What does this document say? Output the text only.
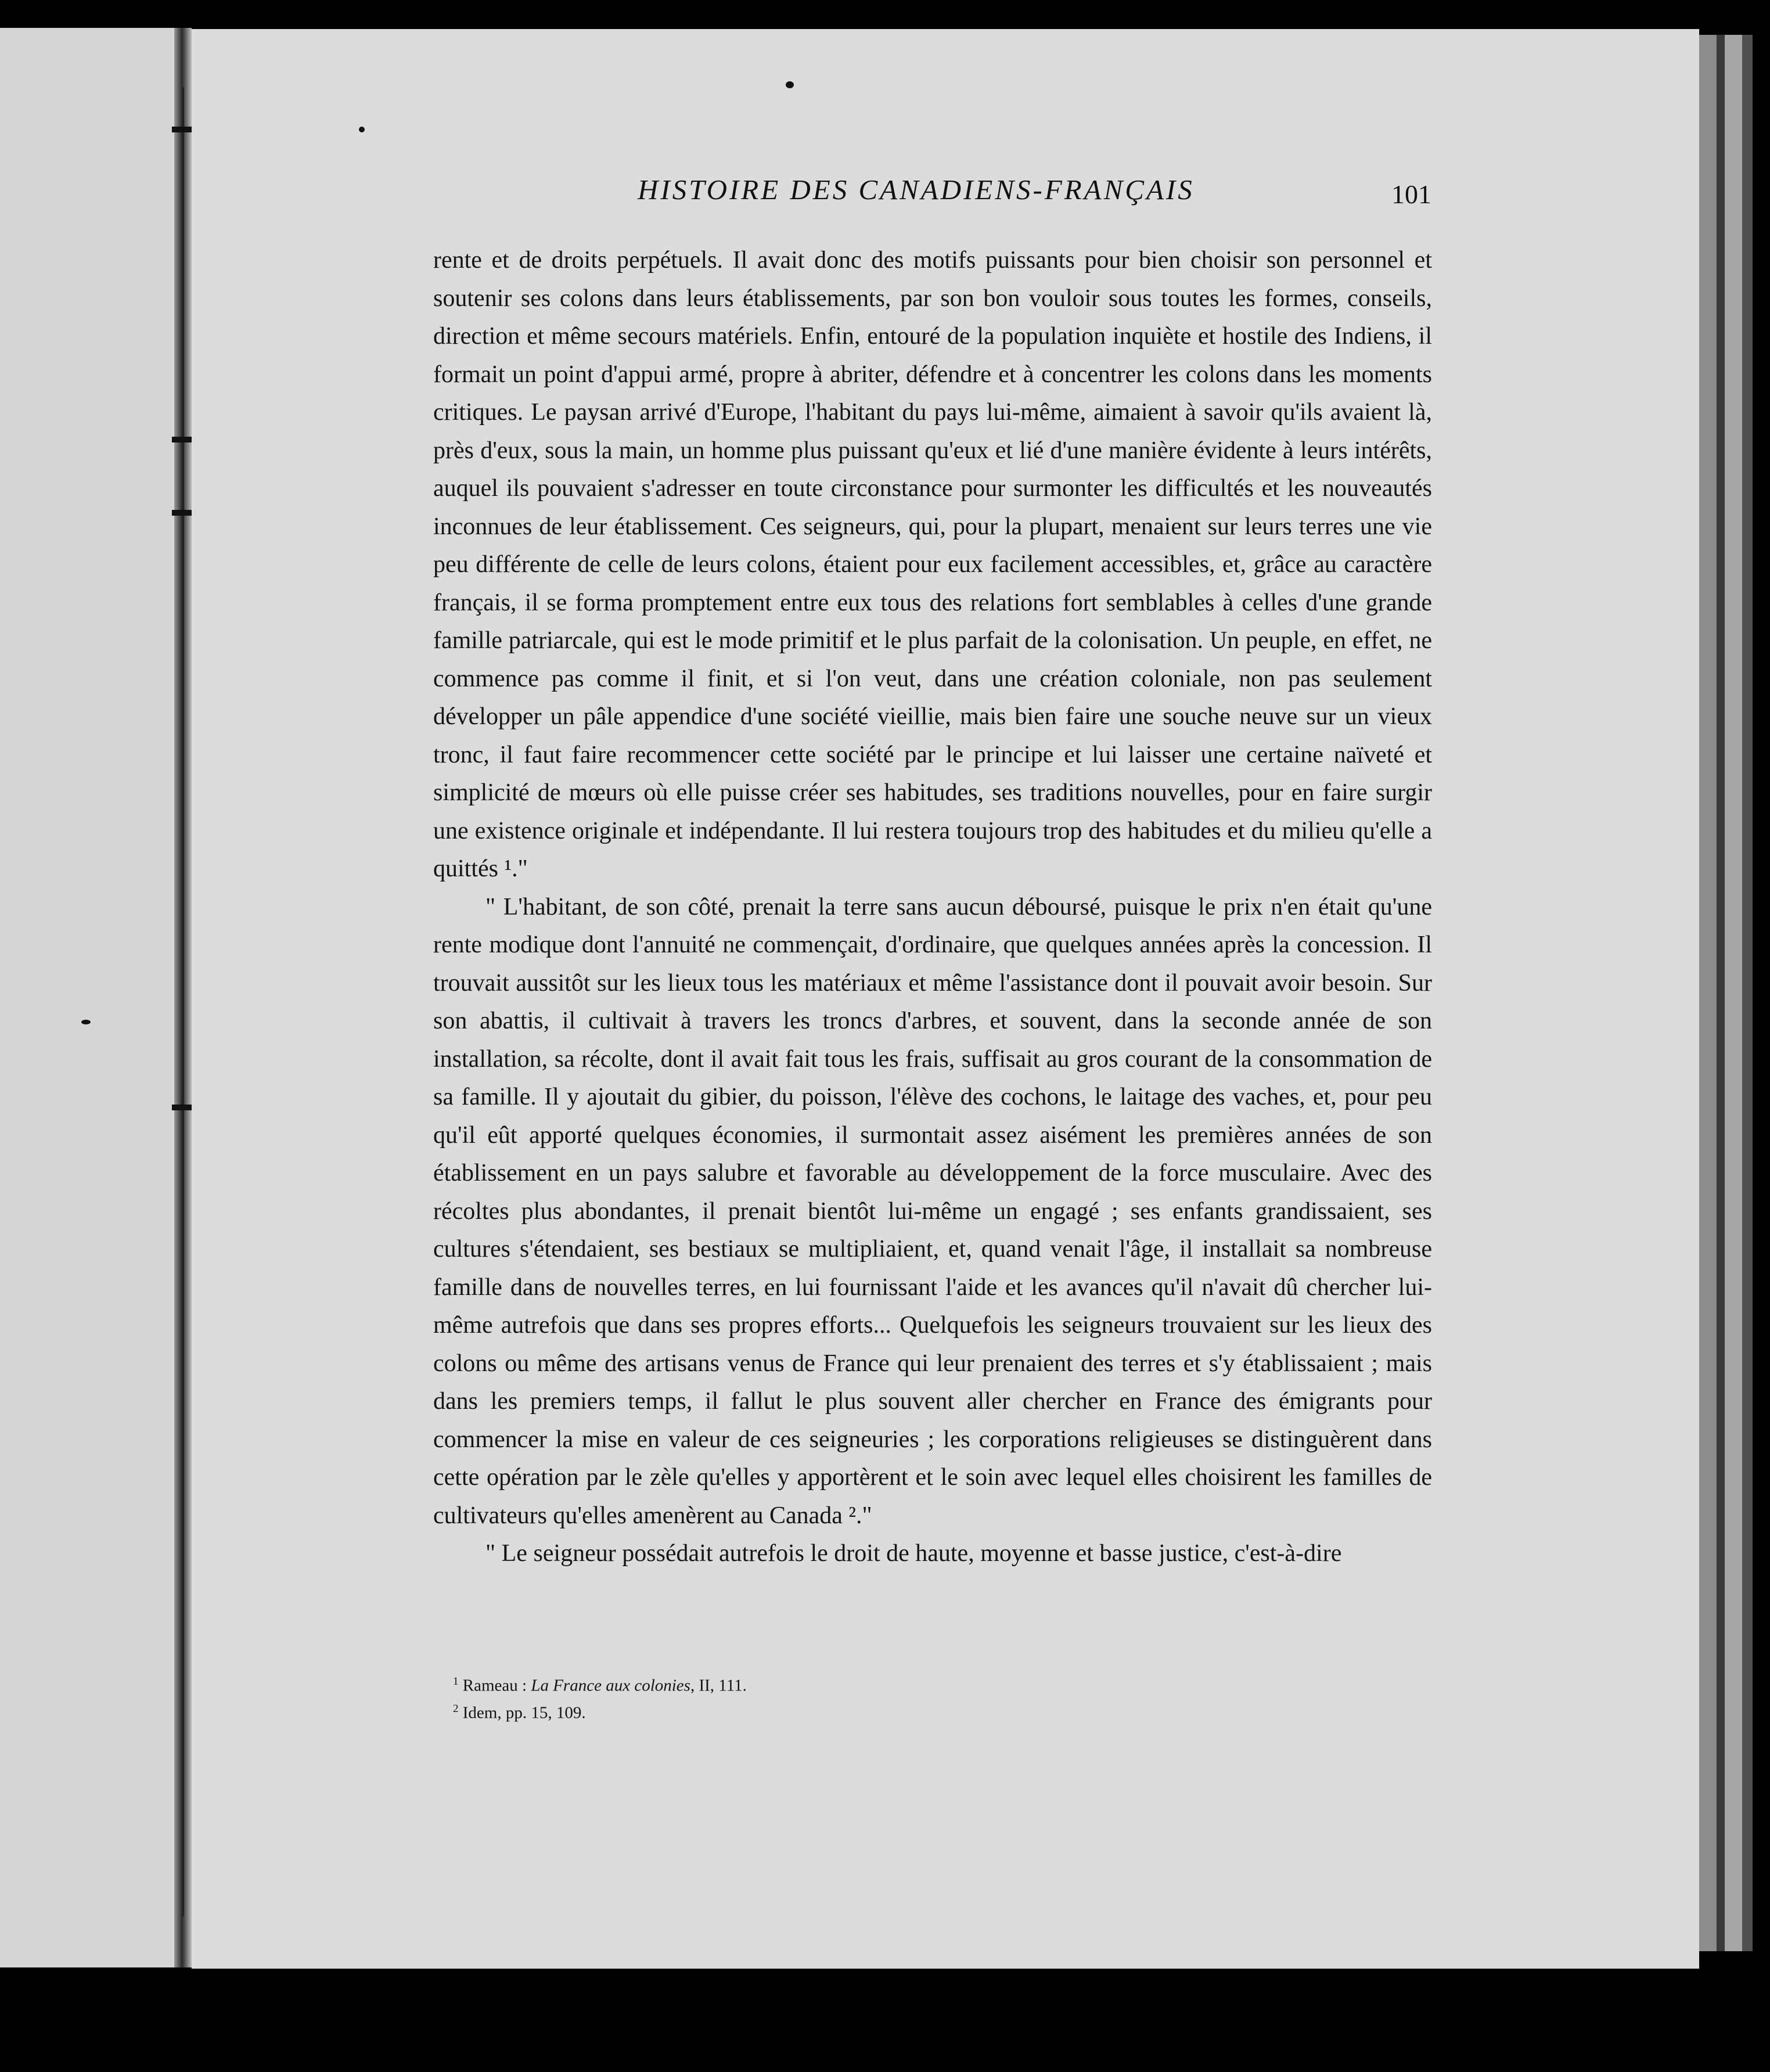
HISTOIRE DES CANADIENS-FRANÇAIS	101

rente et de droits perpétuels. Il avait donc des motifs puissants pour bien choisir son personnel et soutenir ses colons dans leurs établissements, par son bon vouloir sous toutes les formes, conseils, direction et même secours matériels. Enfin, entouré de la population inquiète et hostile des Indiens, il formait un point d'appui armé, propre à abriter, défendre et à concentrer les colons dans les moments critiques. Le paysan arrivé d'Europe, l'habitant du pays lui-même, aimaient à savoir qu'ils avaient là, près d'eux, sous la main, un homme plus puissant qu'eux et lié d'une manière évidente à leurs intérêts, auquel ils pouvaient s'adresser en toute circonstance pour surmonter les difficultés et les nouveautés inconnues de leur établissement. Ces seigneurs, qui, pour la plupart, menaient sur leurs terres une vie peu différente de celle de leurs colons, étaient pour eux facilement accessibles, et, grâce au caractère français, il se forma promptement entre eux tous des relations fort semblables à celles d'une grande famille patriarcale, qui est le mode primitif et le plus parfait de la colonisation. Un peuple, en effet, ne commence pas comme il finit, et si l'on veut, dans une création coloniale, non pas seulement développer un pâle appendice d'une société vieillie, mais bien faire une souche neuve sur un vieux tronc, il faut faire recommencer cette société par le principe et lui laisser une certaine naïveté et simplicité de mœurs où elle puisse créer ses habitudes, ses traditions nouvelles, pour en faire surgir une existence originale et indépendante. Il lui restera toujours trop des habitudes et du milieu qu'elle a quittés ¹."

" L'habitant, de son côté, prenait la terre sans aucun déboursé, puisque le prix n'en était qu'une rente modique dont l'annuité ne commençait, d'ordinaire, que quelques années après la concession. Il trouvait aussitôt sur les lieux tous les matériaux et même l'assistance dont il pouvait avoir besoin. Sur son abattis, il cultivait à travers les troncs d'arbres, et souvent, dans la seconde année de son installation, sa récolte, dont il avait fait tous les frais, suffisait au gros courant de la consommation de sa famille. Il y ajoutait du gibier, du poisson, l'élève des cochons, le laitage des vaches, et, pour peu qu'il eût apporté quelques économies, il surmontait assez aisément les premières années de son établissement en un pays salubre et favorable au développement de la force musculaire. Avec des récoltes plus abondantes, il prenait bientôt lui-même un engagé ; ses enfants grandissaient, ses cultures s'étendaient, ses bestiaux se multipliaient, et, quand venait l'âge, il installait sa nombreuse famille dans de nouvelles terres, en lui fournissant l'aide et les avances qu'il n'avait dû chercher lui-même autrefois que dans ses propres efforts... Quelquefois les seigneurs trouvaient sur les lieux des colons ou même des artisans venus de France qui leur prenaient des terres et s'y établissaient ; mais dans les premiers temps, il fallut le plus souvent aller chercher en France des émigrants pour commencer la mise en valeur de ces seigneuries ; les corporations religieuses se distinguèrent dans cette opération par le zèle qu'elles y apportèrent et le soin avec lequel elles choisirent les familles de cultivateurs qu'elles amenèrent au Canada ²."

" Le seigneur possédait autrefois le droit de haute, moyenne et basse justice, c'est-à-dire

$^1$ Rameau : La France aux colonies, II, 111.
$^2$ Idem, pp. 15, 109.
